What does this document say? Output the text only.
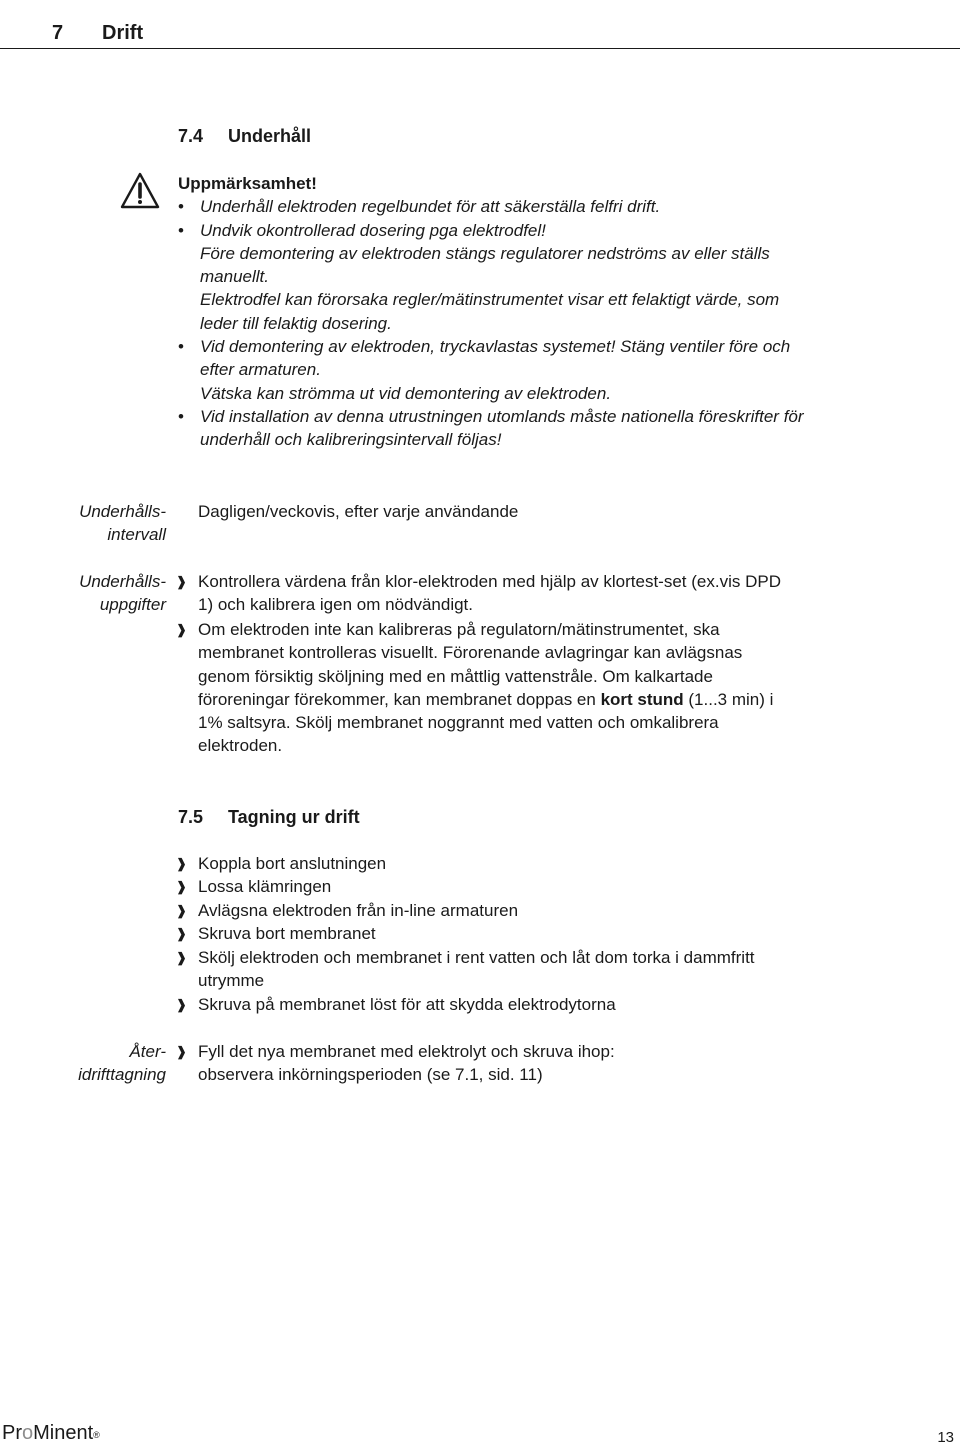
7 Drift
7.4 Underhåll
Uppmärksamhet!
• Underhåll elektroden regelbundet för att säkerställa felfri drift.
• Undvik okontrollerad dosering pga elektrodfel!
Före demontering av elektroden stängs regulatorer nedströms av eller ställs manuellt.
Elektrodfel kan förorsaka regler/mätinstrumentet visar ett felaktigt värde, som leder till felaktig dosering.
• Vid demontering av elektroden, tryckavlastas systemet! Stäng ventiler före och efter armaturen.
Vätska kan strömma ut vid demontering av elektroden.
• Vid installation av denna utrustningen utomlands måste nationella föreskrifter för underhåll och kalibreringsintervall följas!
Underhålls-
intervall
Dagligen/veckovis, efter varje användande
Underhålls-
uppgifter
❱ Kontrollera värdena från klor-elektroden med hjälp av klortest-set (ex.vis DPD 1) och kalibrera igen om nödvändigt.
❱ Om elektroden inte kan kalibreras på regulatorn/mätinstrumentet, ska membranet kontrolleras visuellt. Förorenande avlagringar kan avlägsnas genom försiktig sköljning med en måttlig vattenstråle. Om kalkartade föroreningar förekommer, kan membranet doppas en kort stund (1...3 min) i 1% saltsyra. Skölj membranet noggrannt med vatten och omkalibrera elektroden.
7.5 Tagning ur drift
❱ Koppla bort anslutningen
❱ Lossa klämringen
❱ Avlägsna elektroden från in-line armaturen
❱ Skruva bort membranet
❱ Skölj elektroden och membranet i rent vatten och låt dom torka i dammfritt utrymme
❱ Skruva på membranet löst för att skydda elektrodytorna
Åter-
idrifttagning
❱ Fyll det nya membranet med elektrolyt och skruva ihop: observera inkörningsperioden (se 7.1, sid. 11)
ProMinent®	13
